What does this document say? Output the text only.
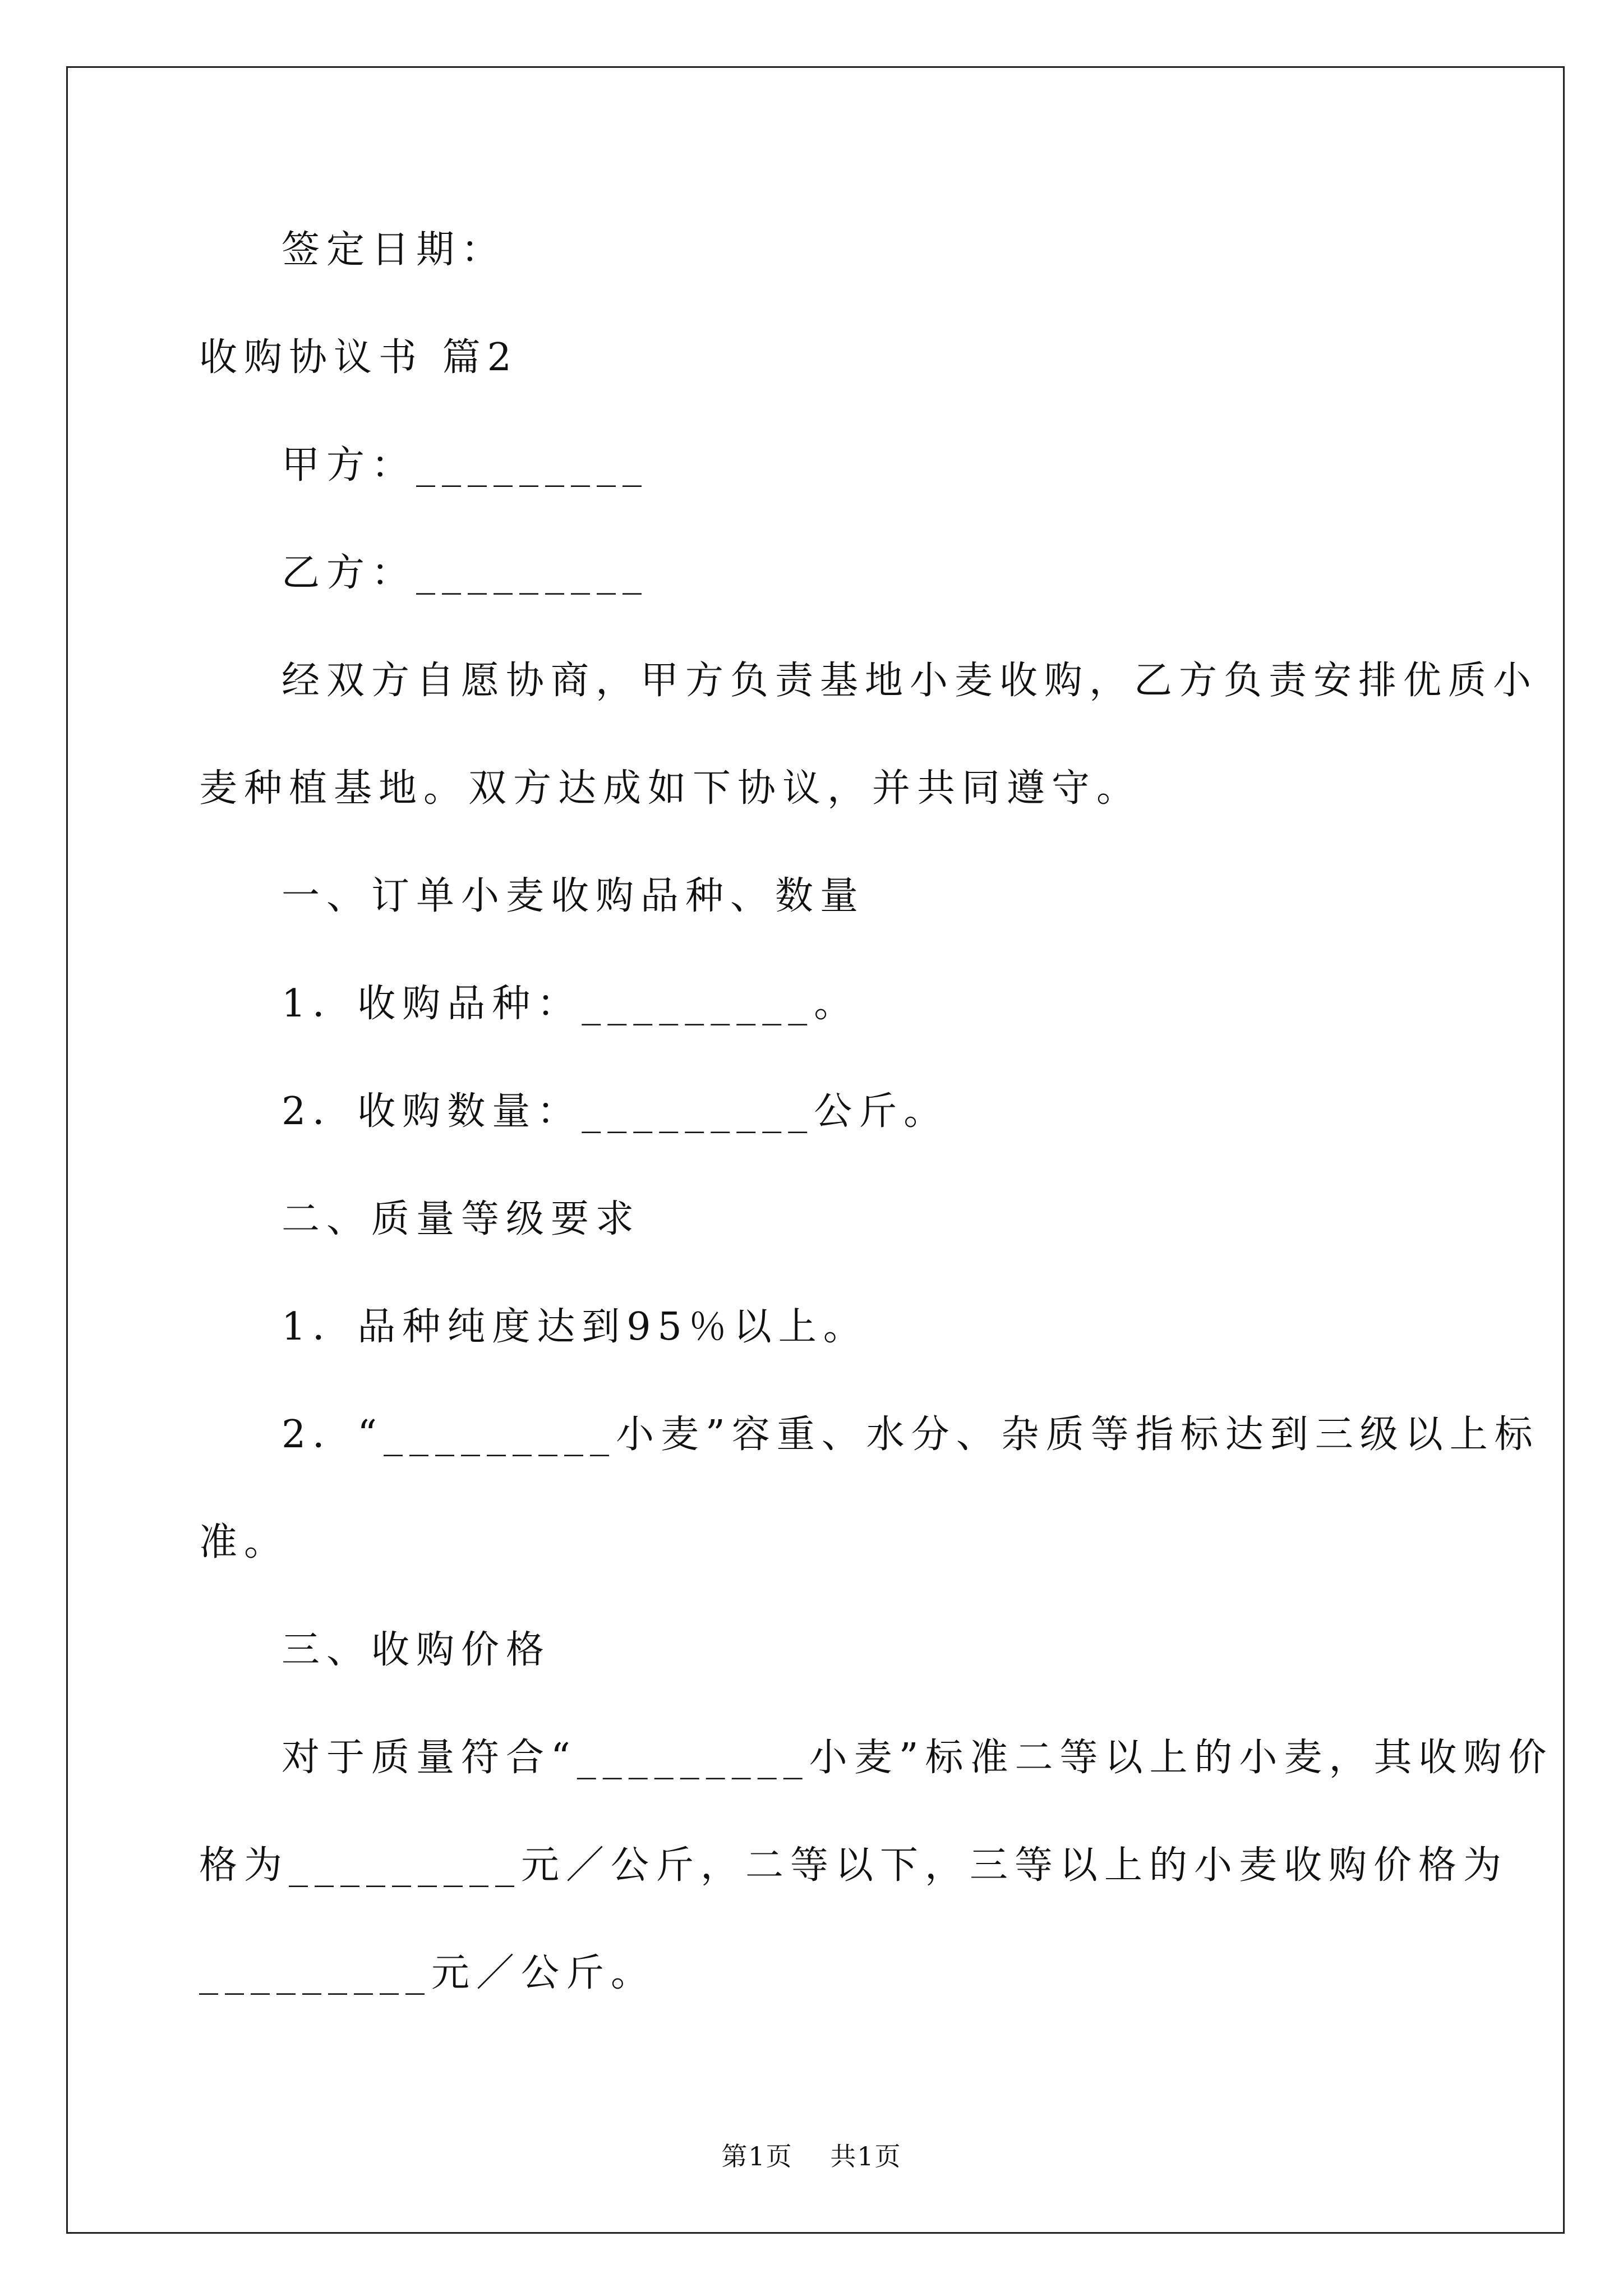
签定日期：
收购协议书 篇2
甲方：_________
乙方：_________
经双方自愿协商，甲方负责基地小麦收购，乙方负责安排优质小
麦种植基地。双方达成如下协议，并共同遵守。
一、订单小麦收购品种、数量
1．收购品种：_________。
2．收购数量：_________公斤。
二、质量等级要求
1．品种纯度达到95％以上。
2．“_________小麦”容重、水分、杂质等指标达到三级以上标
准。
三、收购价格
对于质量符合“_________小麦”标准二等以上的小麦，其收购价
格为_________元／公斤，二等以下，三等以上的小麦收购价格为
_________元／公斤。
第1页 共1页
